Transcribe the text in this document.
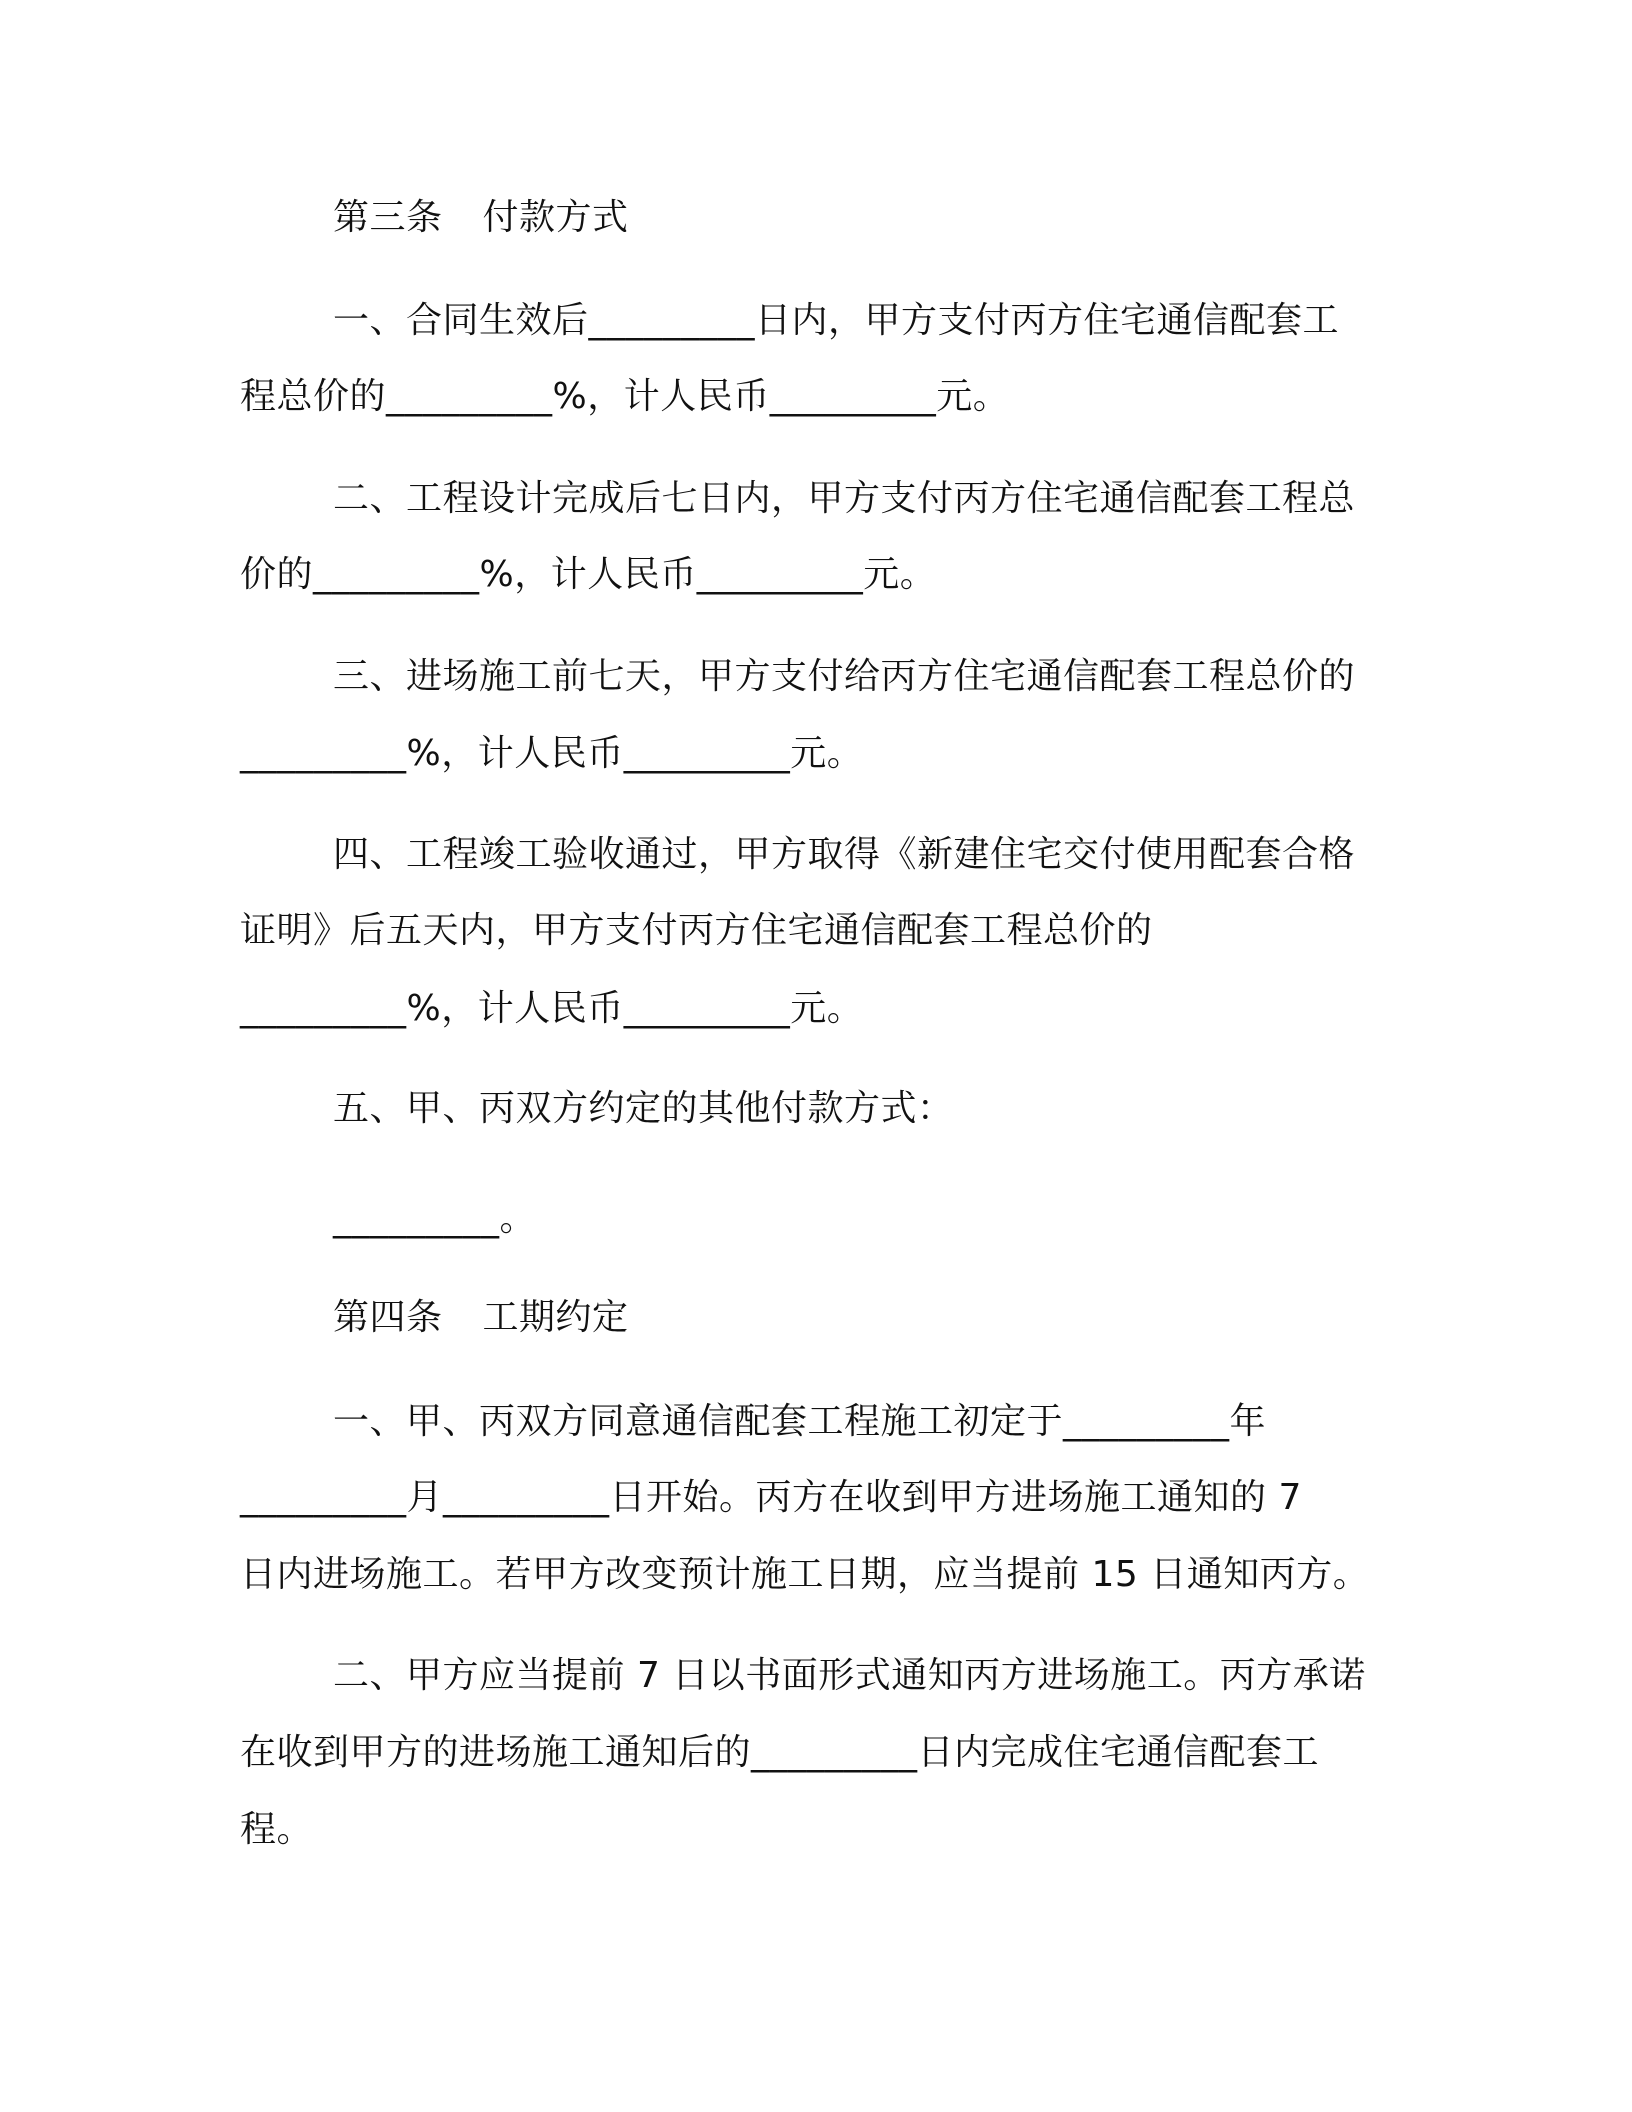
第三条 付款方式
一、合同生效后_________日内，甲方支付丙方住宅通信配套工
程总价的_________%，计人民币_________元。
二、工程设计完成后七日内，甲方支付丙方住宅通信配套工程总
价的_________%，计人民币_________元。
三、进场施工前七天，甲方支付给丙方住宅通信配套工程总价的
_________%，计人民币_________元。
四、工程竣工验收通过，甲方取得《新建住宅交付使用配套合格
证明》后五天内，甲方支付丙方住宅通信配套工程总价的
_________%，计人民币_________元。
五、甲、丙双方约定的其他付款方式：
_________。
第四条 工期约定
一、甲、丙双方同意通信配套工程施工初定于_________年
_________月_________日开始。丙方在收到甲方进场施工通知的 7
日内进场施工。若甲方改变预计施工日期，应当提前 15 日通知丙方。
二、甲方应当提前 7 日以书面形式通知丙方进场施工。丙方承诺
在收到甲方的进场施工通知后的_________日内完成住宅通信配套工
程。
